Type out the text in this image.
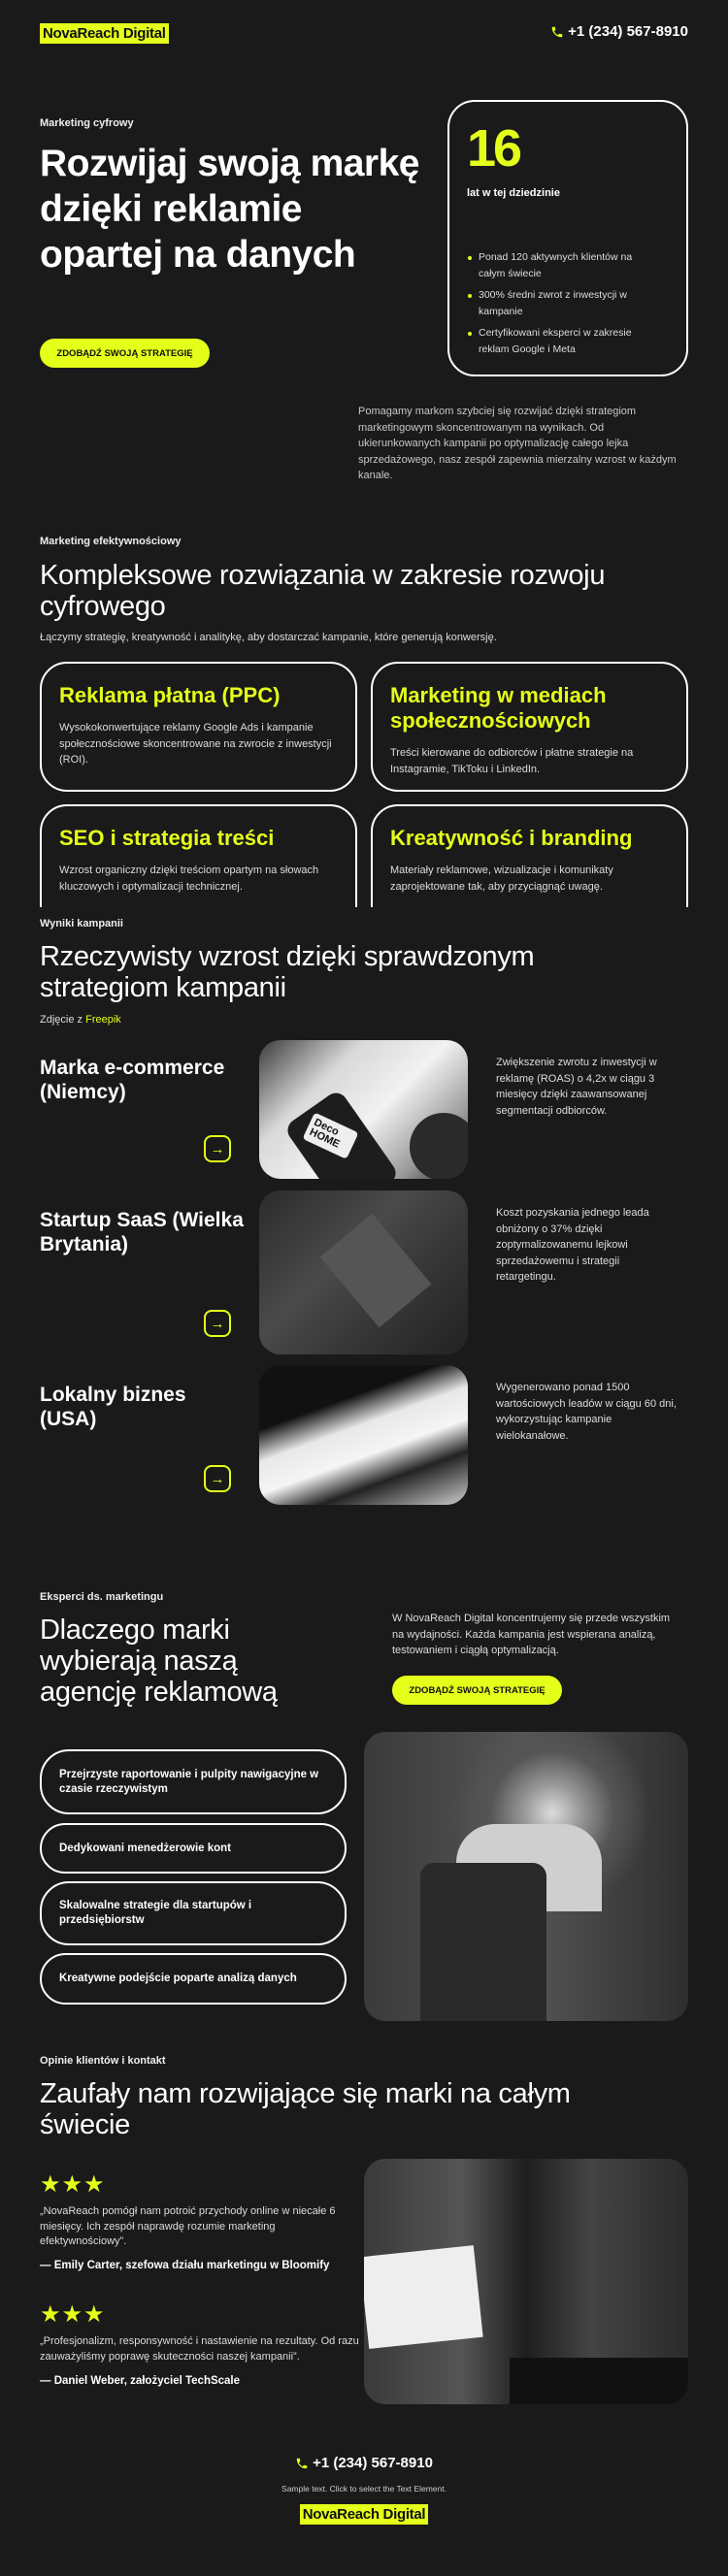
NovaReach Digital	+1 (234) 567-8910
Marketing cyfrowy
Rozwijaj swoją markę dzięki reklamie opartej na danych
ZDOBĄDŹ SWOJĄ STRATEGIĘ
16
lat w tej dziedzinie
Ponad 120 aktywnych klientów na całym świecie
300% średni zwrot z inwestycji w kampanie
Certyfikowani eksperci w zakresie reklam Google i Meta

Pomagamy markom szybciej się rozwijać dzięki strategiom marketingowym skoncentrowanym na wynikach. Od ukierunkowanych kampanii po optymalizację całego lejka sprzedażowego, nasz zespół zapewnia mierzalny wzrost w każdym kanale.

Marketing efektywnościowy
Kompleksowe rozwiązania w zakresie rozwoju cyfrowego
Łączymy strategię, kreatywność i analitykę, aby dostarczać kampanie, które generują konwersję.
Reklama płatna (PPC)

Wysokokonwertujące reklamy Google Ads i kampanie społecznościowe skoncentrowane na zwrocie z inwestycji (ROI).

Marketing w mediach społecznościowych

Treści kierowane do odbiorców i płatne strategie na Instagramie, TikToku i LinkedIn.

SEO i strategia treści

Wzrost organiczny dzięki treściom opartym na słowach kluczowych i optymalizacji technicznej.

Kreatywność i branding

Materiały reklamowe, wizualizacje i komunikaty zaprojektowane tak, aby przyciągnąć uwagę.

Wyniki kampanii
Rzeczywisty wzrost dzięki sprawdzonym strategiom kampanii
Zdjęcie z Freepik
Marka e-commerce (Niemcy)
→
Deco HOME

Zwiększenie zwrotu z inwestycji w reklamę (ROAS) o 4,2x w ciągu 3 miesięcy dzięki zaawansowanej segmentacji odbiorców.

Startup SaaS (Wielka Brytania)
→

Koszt pozyskania jednego leada obniżony o 37% dzięki zoptymalizowanemu lejkowi sprzedażowemu i strategii retargetingu.

Lokalny biznes (USA)
→

Wygenerowano ponad 1500 wartościowych leadów w ciągu 60 dni, wykorzystując kampanie wielokanałowe.

Eksperci ds. marketingu
Dlaczego marki wybierają naszą agencję reklamową

W NovaReach Digital koncentrujemy się przede wszystkim na wydajności. Każda kampania jest wspierana analizą, testowaniem i ciągłą optymalizacją.

ZDOBĄDŹ SWOJĄ STRATEGIĘ
Przejrzyste raportowanie i pulpity nawigacyjne w czasie rzeczywistym
Dedykowani menedżerowie kont
Skalowalne strategie dla startupów i przedsiębiorstw
Kreatywne podejście poparte analizą danych
Opinie klientów i kontakt
Zaufały nam rozwijające się marki na całym świecie
★★★

„NovaReach pomógł nam potroić przychody online w niecałe 6 miesięcy. Ich zespół naprawdę rozumie marketing efektywnościowy”.

— Emily Carter, szefowa działu marketingu w Bloomify
★★★

„Profesjonalizm, responsywność i nastawienie na rezultaty. Od razu zauważyliśmy poprawę skuteczności naszej kampanii”.

— Daniel Weber, założyciel TechScale
+1 (234) 567-8910
Sample text. Click to select the Text Element.
NovaReach Digital
